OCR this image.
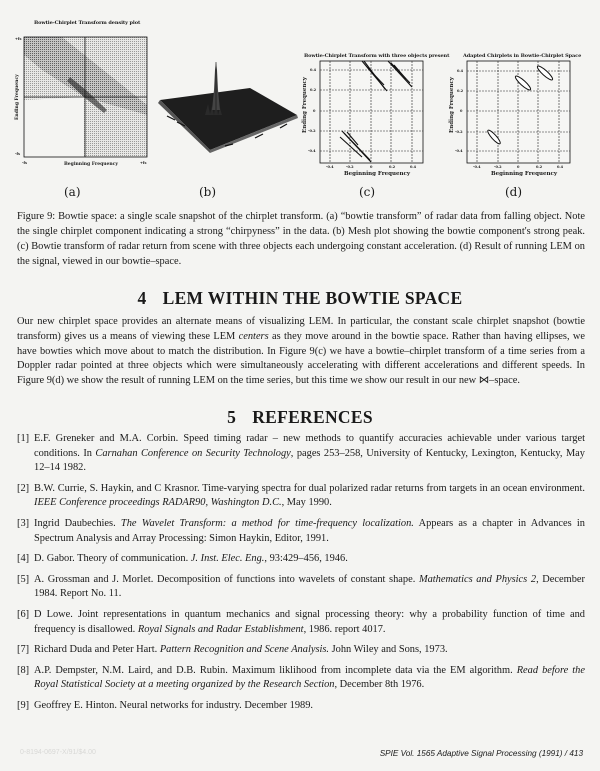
Bowtie-Chirplet Transform density plot
+fs
-fs
-fs	+fs
Beginning Frequency
Ending Frequency
Bowtie-Chirplet Transform with three objects present
0.4
0.2
0
-0.2
-0.4
-0.4	-0.2	0	0.2	0.4
Beginning Frequency
Ending Frequency
Adapted Chirplets in Bowtie-Chirplet Space
0.4
0.2
0
-0.2
-0.4
-0.4	-0.2	0	0.2	0.4
Beginning Frequency
Ending Frequency
(a)	(b)	(c)	(d)
Figure 9: Bowtie space: a single scale snapshot of the chirplet transform. (a) “bowtie transform” of radar data from falling object. Note the single chirplet component indicating a strong “chirpyness” in the data. (b) Mesh plot showing the bowtie component's strong peak. (c) Bowtie transform of radar return from scene with three objects each undergoing constant acceleration. (d) Result of running LEM on the signal, viewed in our bowtie–space.
4 LEM WITHIN THE BOWTIE SPACE
Our new chirplet space provides an alternate means of visualizing LEM. In particular, the constant scale chirplet snapshot (bowtie transform) gives us a means of viewing these LEM centers as they move around in the bowtie space. Rather than having ellipses, we have bowties which move about to match the distribution. In Figure 9(c) we have a bowtie–chirplet transform of a time series from a Doppler radar pointed at three objects which were simultaneously accelerating with different accelerations and different speeds. In Figure 9(d) we show the result of running LEM on the time series, but this time we show our result in our new ⋈–space.
5 REFERENCES
[1] E.F. Greneker and M.A. Corbin. Speed timing radar – new methods to quantify accuracies achievable under various target conditions. In Carnahan Conference on Security Technology, pages 253–258, University of Kentucky, Lexington, Kentucky, May 12–14 1982.
[2] B.W. Currie, S. Haykin, and C Krasnor. Time-varying spectra for dual polarized radar returns from targets in an ocean environment. IEEE Conference proceedings RADAR90, Washington D.C., May 1990.
[3] Ingrid Daubechies. The Wavelet Transform: a method for time-frequency localization. Appears as a chapter in Advances in Spectrum Analysis and Array Processing: Simon Haykin, Editor, 1991.
[4] D. Gabor. Theory of communication. J. Inst. Elec. Eng., 93:429–456, 1946.
[5] A. Grossman and J. Morlet. Decomposition of functions into wavelets of constant shape. Mathematics and Physics 2, December 1984. Report No. 11.
[6] D Lowe. Joint representations in quantum mechanics and signal processing theory: why a probability function of time and frequency is disallowed. Royal Signals and Radar Establishment, 1986. report 4017.
[7] Richard Duda and Peter Hart. Pattern Recognition and Scene Analysis. John Wiley and Sons, 1973.
[8] A.P. Dempster, N.M. Laird, and D.B. Rubin. Maximum liklihood from incomplete data via the EM algorithm. Read before the Royal Statistical Society at a meeting organized by the Research Section, December 8th 1976.
[9] Geoffrey E. Hinton. Neural networks for industry. December 1989.
0-8194-0697-X/91/$4.00	SPIE Vol. 1565 Adaptive Signal Processing (1991) / 413
